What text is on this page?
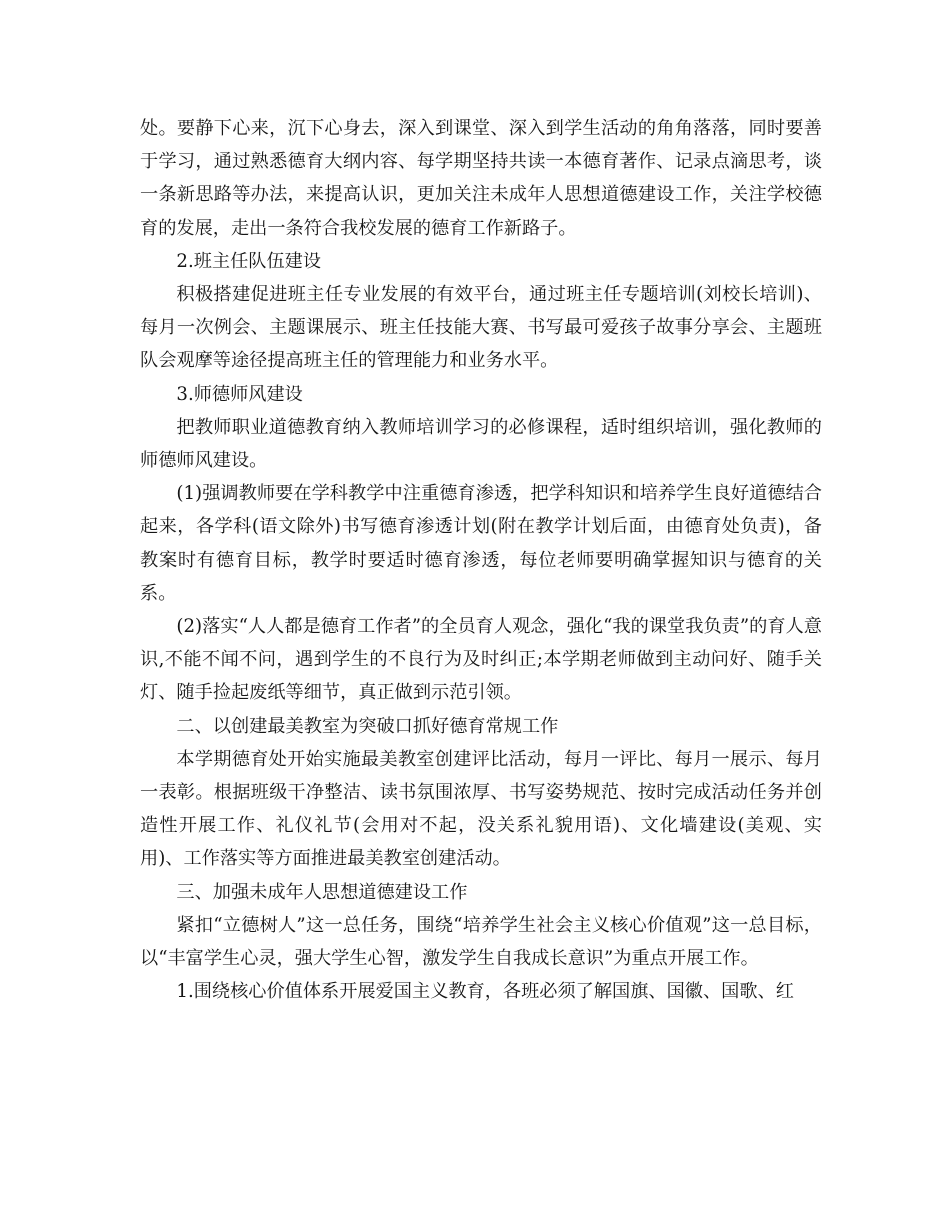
处。要静下心来，沉下心身去，深入到课堂、深入到学生活动的角角落落，同时要善于学习，通过熟悉德育大纲内容、每学期坚持共读一本德育著作、记录点滴思考，谈一条新思路等办法，来提高认识，更加关注未成年人思想道德建设工作，关注学校德育的发展，走出一条符合我校发展的德育工作新路子。

2.班主任队伍建设

积极搭建促进班主任专业发展的有效平台，通过班主任专题培训(刘校长培训)、每月一次例会、主题课展示、班主任技能大赛、书写最可爱孩子故事分享会、主题班队会观摩等途径提高班主任的管理能力和业务水平。

3.师德师风建设

把教师职业道德教育纳入教师培训学习的必修课程，适时组织培训，强化教师的师德师风建设。

(1)强调教师要在学科教学中注重德育渗透，把学科知识和培养学生良好道德结合起来，各学科(语文除外)书写德育渗透计划(附在教学计划后面，由德育处负责)，备教案时有德育目标，教学时要适时德育渗透，每位老师要明确掌握知识与德育的关系。

(2)落实“人人都是德育工作者”的全员育人观念，强化“我的课堂我负责”的育人意识,不能不闻不问，遇到学生的不良行为及时纠正;本学期老师做到主动问好、随手关灯、随手捡起废纸等细节，真正做到示范引领。

二、以创建最美教室为突破口抓好德育常规工作

本学期德育处开始实施最美教室创建评比活动，每月一评比、每月一展示、每月一表彰。根据班级干净整洁、读书氛围浓厚、书写姿势规范、按时完成活动任务并创造性开展工作、礼仪礼节(会用对不起，没关系礼貌用语)、文化墙建设(美观、实用)、工作落实等方面推进最美教室创建活动。

三、加强未成年人思想道德建设工作

紧扣“立德树人”这一总任务，围绕“培养学生社会主义核心价值观”这一总目标，以“丰富学生心灵，强大学生心智，激发学生自我成长意识”为重点开展工作。

1.围绕核心价值体系开展爱国主义教育，各班必须了解国旗、国徽、国歌、红
